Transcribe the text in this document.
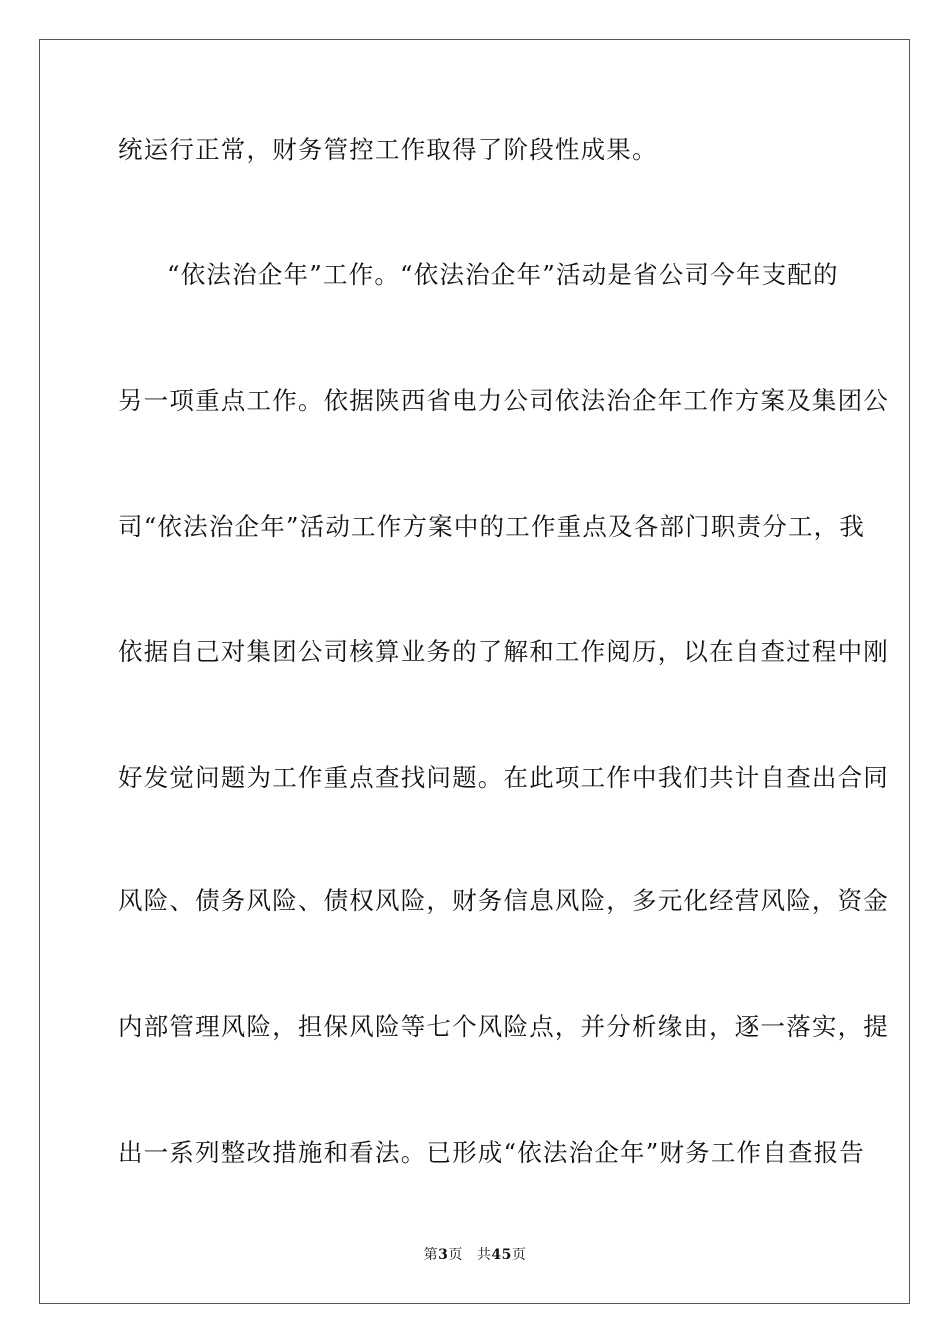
统运行正常，财务管控工作取得了阶段性成果。
“依法治企年”工作。“依法治企年”活动是省公司今年支配的
另一项重点工作。依据陕西省电力公司依法治企年工作方案及集团公
司“依法治企年”活动工作方案中的工作重点及各部门职责分工，我
依据自己对集团公司核算业务的了解和工作阅历，以在自查过程中刚
好发觉问题为工作重点查找问题。在此项工作中我们共计自查出合同
风险、债务风险、债权风险，财务信息风险，多元化经营风险，资金
内部管理风险，担保风险等七个风险点，并分析缘由，逐一落实，提
出一系列整改措施和看法。已形成“依法治企年”财务工作自查报告
第3页 共45页
